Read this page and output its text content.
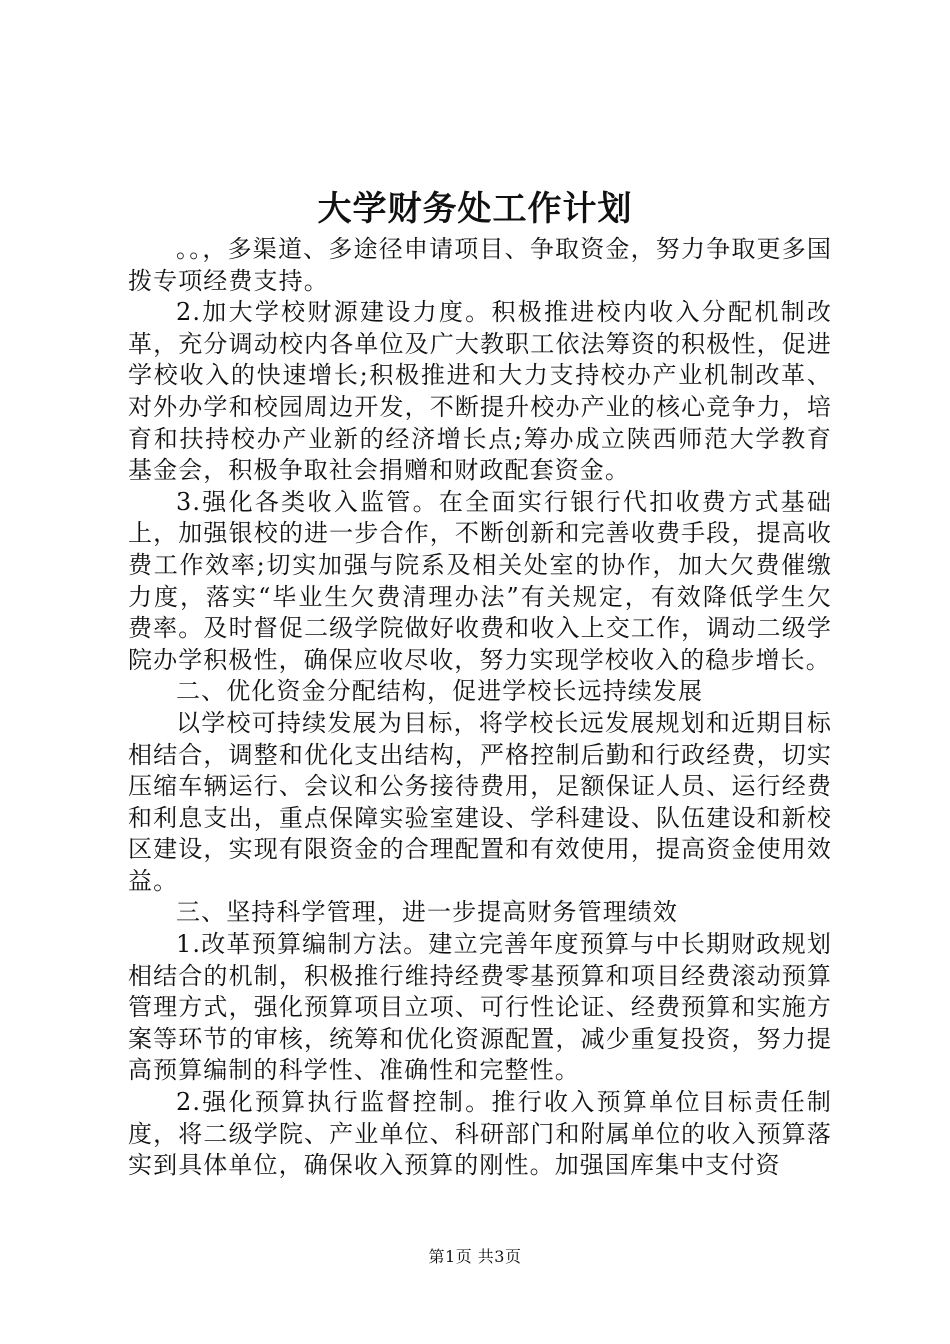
大学财务处工作计划

。。，多渠道、多途径申请项目、争取资金，努力争取更多国拨专项经费支持。

2.加大学校财源建设力度。积极推进校内收入分配机制改革，充分调动校内各单位及广大教职工依法筹资的积极性，促进学校收入的快速增长;积极推进和大力支持校办产业机制改革、对外办学和校园周边开发，不断提升校办产业的核心竞争力，培育和扶持校办产业新的经济增长点;筹办成立陕西师范大学教育基金会，积极争取社会捐赠和财政配套资金。

3.强化各类收入监管。在全面实行银行代扣收费方式基础上，加强银校的进一步合作，不断创新和完善收费手段，提高收费工作效率;切实加强与院系及相关处室的协作，加大欠费催缴力度，落实“毕业生欠费清理办法”有关规定，有效降低学生欠费率。及时督促二级学院做好收费和收入上交工作，调动二级学院办学积极性，确保应收尽收，努力实现学校收入的稳步增长。

二、优化资金分配结构，促进学校长远持续发展

以学校可持续发展为目标，将学校长远发展规划和近期目标相结合，调整和优化支出结构，严格控制后勤和行政经费，切实压缩车辆运行、会议和公务接待费用，足额保证人员、运行经费和利息支出，重点保障实验室建设、学科建设、队伍建设和新校区建设，实现有限资金的合理配置和有效使用，提高资金使用效益。

三、坚持科学管理，进一步提高财务管理绩效

1.改革预算编制方法。建立完善年度预算与中长期财政规划相结合的机制，积极推行维持经费零基预算和项目经费滚动预算管理方式，强化预算项目立项、可行性论证、经费预算和实施方案等环节的审核，统筹和优化资源配置，减少重复投资，努力提高预算编制的科学性、准确性和完整性。

2.强化预算执行监督控制。推行收入预算单位目标责任制度，将二级学院、产业单位、科研部门和附属单位的收入预算落实到具体单位，确保收入预算的刚性。加强国库集中支付资

第1页 共3页
